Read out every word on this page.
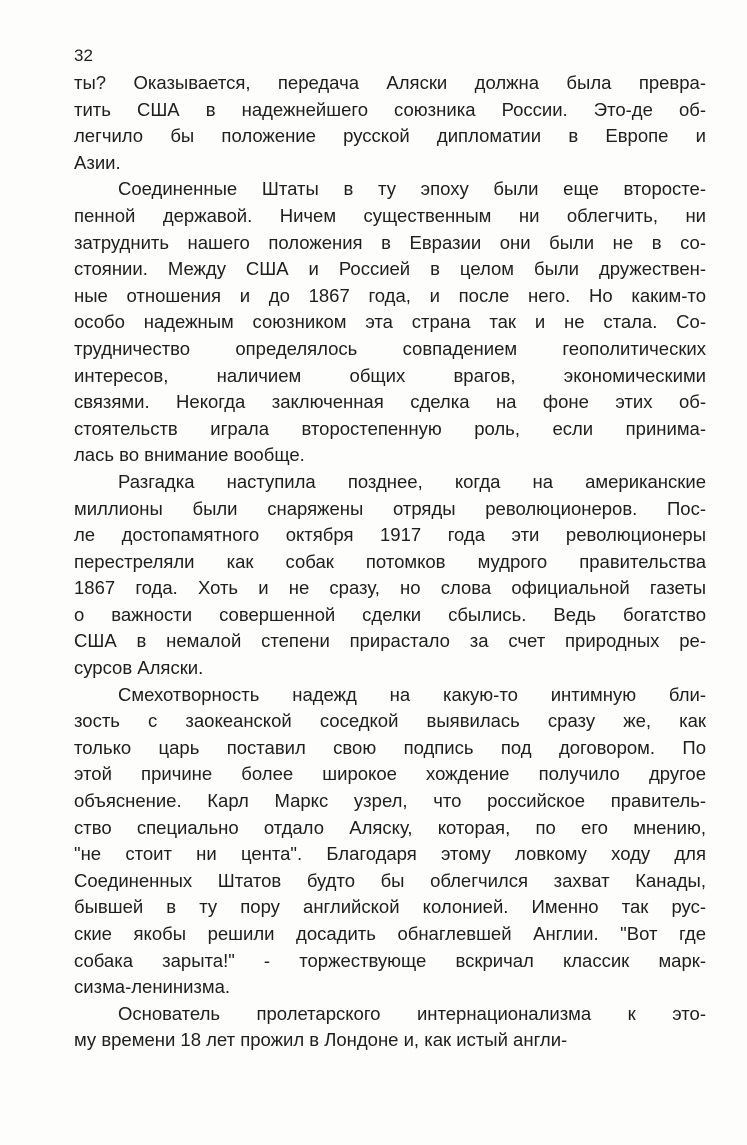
32
ты? Оказывается, передача Аляски должна была превра-
тить США в надежнейшего союзника России. Это-де об-
легчило бы положение русской дипломатии в Европе и
Азии.
Соединенные Штаты в ту эпоху были еще второсте-
пенной державой. Ничем существенным ни облегчить, ни
затруднить нашего положения в Евразии они были не в со-
стоянии. Между США и Россией в целом были дружествен-
ные отношения и до 1867 года, и после него. Но каким-то
особо надежным союзником эта страна так и не стала. Со-
трудничество определялось совпадением геополитических
интересов, наличием общих врагов, экономическими
связями. Некогда заключенная сделка на фоне этих об-
стоятельств играла второстепенную роль, если принима-
лась во внимание вообще.
Разгадка наступила позднее, когда на американские
миллионы были снаряжены отряды революционеров. Пос-
ле достопамятного октября 1917 года эти революционеры
перестреляли как собак потомков мудрого правительства
1867 года. Хоть и не сразу, но слова официальной газеты
о важности совершенной сделки сбылись. Ведь богатство
США в немалой степени прирастало за счет природных ре-
сурсов Аляски.
Смехотворность надежд на какую-то интимную бли-
зость с заокеанской соседкой выявилась сразу же, как
только царь поставил свою подпись под договором. По
этой причине более широкое хождение получило другое
объяснение. Карл Маркс узрел, что российское правитель-
ство специально отдало Аляску, которая, по его мнению,
"не стоит ни цента". Благодаря этому ловкому ходу для
Соединенных Штатов будто бы облегчился захват Канады,
бывшей в ту пору английской колонией. Именно так рус-
ские якобы решили досадить обнаглевшей Англии. "Вот где
собака зарыта!" - торжествующе вскричал классик марк-
сизма-ленинизма.
Основатель пролетарского интернационализма к это-
му времени 18 лет прожил в Лондоне и, как истый англи-
